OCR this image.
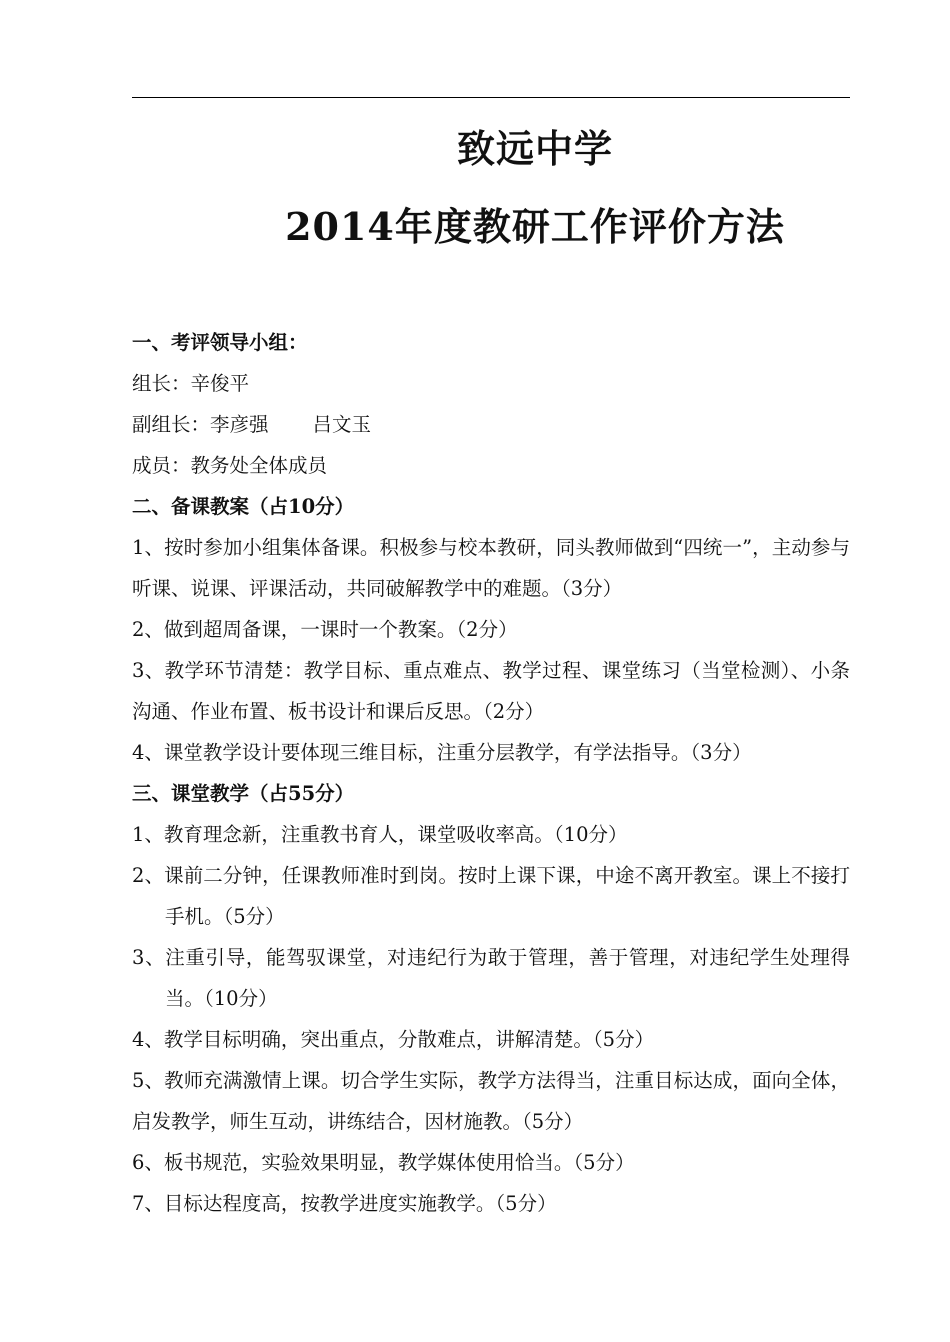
致远中学
2014年度教研工作评价方法

一、考评领导小组：

组长：辛俊平

副组长：李彦强 吕文玉

成员：教务处全体成员

二、备课教案（占10分）

1、按时参加小组集体备课。积极参与校本教研，同头教师做到“四统一”，主动参与听课、说课、评课活动，共同破解教学中的难题。（3分）

2、做到超周备课，一课时一个教案。（2分）

3、教学环节清楚：教学目标、重点难点、教学过程、课堂练习（当堂检测）、小条沟通、作业布置、板书设计和课后反思。（2分）

4、课堂教学设计要体现三维目标，注重分层教学，有学法指导。（3分）

三、课堂教学（占55分）

1、教育理念新，注重教书育人，课堂吸收率高。（10分）

2、课前二分钟，任课教师准时到岗。按时上课下课，中途不离开教室。课上不接打手机。（5分）

3、注重引导，能驾驭课堂，对违纪行为敢于管理，善于管理，对违纪学生处理得当。（10分）

4、教学目标明确，突出重点，分散难点，讲解清楚。（5分）

5、教师充满激情上课。切合学生实际，教学方法得当，注重目标达成，面向全体，启发教学，师生互动，讲练结合，因材施教。（5分）

6、板书规范，实验效果明显，教学媒体使用恰当。（5分）

7、目标达程度高，按教学进度实施教学。（5分）
